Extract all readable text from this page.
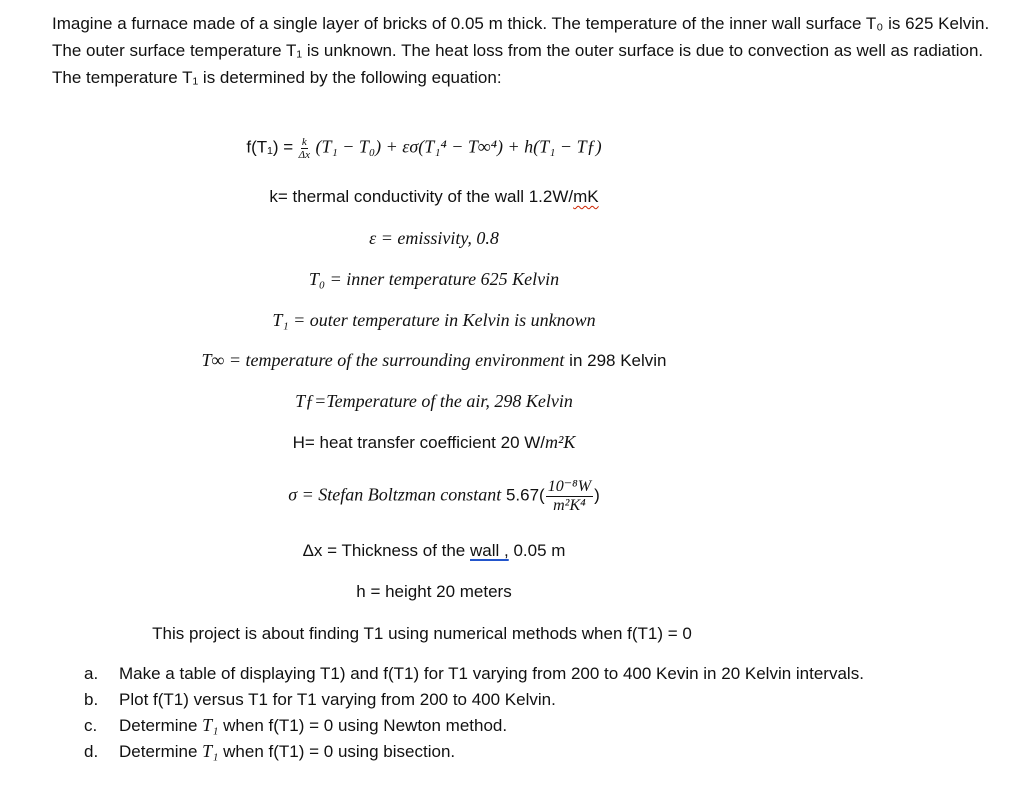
Imagine a furnace made of a single layer of bricks of 0.05 m thick. The temperature of the inner wall surface T₀ is 625 Kelvin. The outer surface temperature T₁ is unknown. The heat loss from the outer surface is due to convection as well as radiation. The temperature T₁ is determined by the following equation:

$f(T_1) = \frac{k}{\Delta x} (T_1 - T_0) + \varepsilon\sigma(T_1^4 - T\infty^4) + h(T_1$ − Tƒ)
k= thermal conductivity of the wall 1.2W/mK
ε = emissivity, 0.8
T₀ = inner temperature 625 Kelvin
T₁ = outer temperature in Kelvin is unknown
T∞ = temperature of the surrounding environment in 298 Kelvin
Tƒ=Temperature of the air, 298 Kelvin
H= heat transfer coefficient 20 W/m²K
σ = Stefan Boltzman constant $5.67( \frac{\text{10⁻⁸W}}{\text{m²K⁴}}$ )
Δx = Thickness of the wall , 0.05 m
h = height 20 meters
This project is about finding T1 using numerical methods when f(T1) = 0
a. Make a table of displaying T1) and f(T1) for T1 varying from 200 to 400 Kevin in 20 Kelvin intervals.
b. Plot f(T1) versus T1 for T1 varying from 200 to 400 Kelvin.
c. Determine T₁ when f(T1) = 0 using Newton method.
d. Determine T₁ when f(T1) = 0 using bisection.
